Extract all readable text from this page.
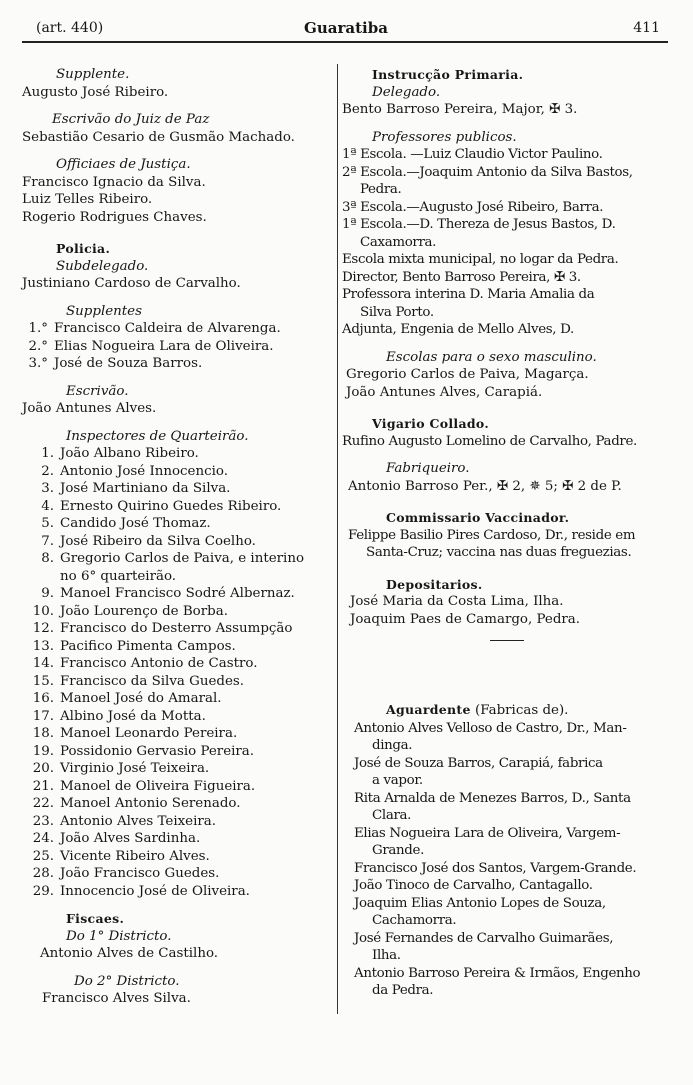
(art. 440)	Guaratiba	411
Supplente.
Augusto José Ribeiro.
Escrivão do Juiz de Paz
Sebastião Cesario de Gusmão Machado.
Officiaes de Justiça.
Francisco Ignacio da Silva.
Luiz Telles Ribeiro.
Rogerio Rodrigues Chaves.
Policia.
Subdelegado.
Justiniano Cardoso de Carvalho.
Supplentes
1.° Francisco Caldeira de Alvarenga.
2.° Elias Nogueira Lara de Oliveira.
3.° José de Souza Barros.
Escrivão.
João Antunes Alves.
Inspectores de Quarteirão.
1. João Albano Ribeiro.
2. Antonio José Innocencio.
3. José Martiniano da Silva.
4. Ernesto Quirino Guedes Ribeiro.
5. Candido José Thomaz.
7. José Ribeiro da Silva Coelho.
8. Gregorio Carlos de Paiva, e interino
no 6° quarteirão.
9. Manoel Francisco Sodré Albernaz.
10. João Lourenço de Borba.
12. Francisco do Desterro Assumpção
13. Pacifico Pimenta Campos.
14. Francisco Antonio de Castro.
15. Francisco da Silva Guedes.
16. Manoel José do Amaral.
17. Albino José da Motta.
18. Manoel Leonardo Pereira.
19. Possidonio Gervasio Pereira.
20. Virginio José Teixeira.
21. Manoel de Oliveira Figueira.
22. Manoel Antonio Serenado.
23. Antonio Alves Teixeira.
24. João Alves Sardinha.
25. Vicente Ribeiro Alves.
28. João Francisco Guedes.
29. Innocencio José de Oliveira.
Fiscaes.
Do 1° Districto.
Antonio Alves de Castilho.
Do 2° Districto.
Francisco Alves Silva.
Instrucção Primaria.
Delegado.
Bento Barroso Pereira, Major, ✠ 3.
Professores publicos.
1ª Escola. —Luiz Claudio Victor Paulino.
2ª Escola.—Joaquim Antonio da Silva Bastos,
Pedra.
3ª Escola.—Augusto José Ribeiro, Barra.
1ª Escola.—D. Thereza de Jesus Bastos, D.
Caxamorra.
Escola mixta municipal, no logar da Pedra.
Director, Bento Barroso Pereira, ✠ 3.
Professora interina D. Maria Amalia da
Silva Porto.
Adjunta, Engenia de Mello Alves, D.
Escolas para o sexo masculino.
Gregorio Carlos de Paiva, Magarça.
João Antunes Alves, Carapiá.
Vigario Collado.
Rufino Augusto Lomelino de Carvalho, Padre.
Fabriqueiro.
Antonio Barroso Per., ✠ 2, ✵ 5; ✠ 2 de P.
Commissario Vaccinador.
Felippe Basilio Pires Cardoso, Dr., reside em
Santa-Cruz; vaccina nas duas freguezias.
Depositarios.
José Maria da Costa Lima, Ilha.
Joaquim Paes de Camargo, Pedra.
Aguardente (Fabricas de).
Antonio Alves Velloso de Castro, Dr., Man-
dinga.
José de Souza Barros, Carapiá, fabrica
a vapor.
Rita Arnalda de Menezes Barros, D., Santa
Clara.
Elias Nogueira Lara de Oliveira, Vargem-
Grande.
Francisco José dos Santos, Vargem-Grande.
João Tinoco de Carvalho, Cantagallo.
Joaquim Elias Antonio Lopes de Souza,
Cachamorra.
José Fernandes de Carvalho Guimarães,
Ilha.
Antonio Barroso Pereira & Irmãos, Engenho
da Pedra.
